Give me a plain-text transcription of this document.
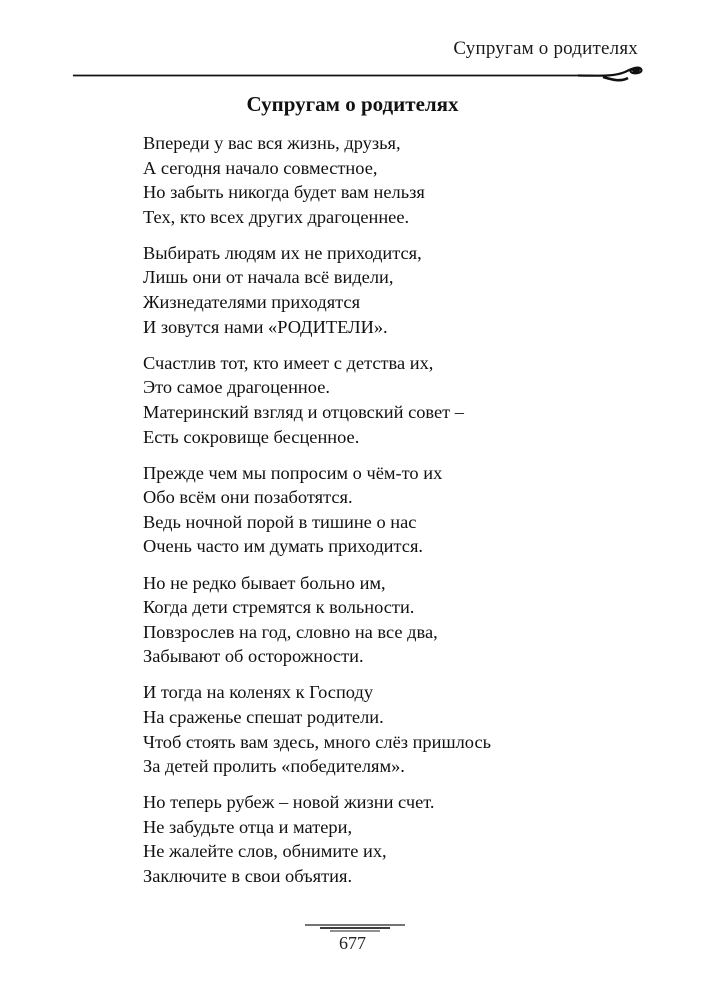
Супругам о родителях
Супругам о родителях
Впереди у вас вся жизнь, друзья,
А сегодня начало совместное,
Но забыть никогда будет вам нельзя
Тех, кто всех других драгоценнее.
Выбирать людям их не приходится,
Лишь они от начала всё видели,
Жизнедателями приходятся
И зовутся нами «РОДИТЕЛИ».
Счастлив тот, кто имеет с детства их,
Это самое драгоценное.
Материнский взгляд и отцовский совет –
Есть сокровище бесценное.
Прежде чем мы попросим о чём-то их
Обо всём они позаботятся.
Ведь ночной порой в тишине о нас
Очень часто им думать приходится.
Но не редко бывает больно им,
Когда дети стремятся к вольности.
Повзрослев на год, словно на все два,
Забывают об осторожности.
И тогда на коленях к Господу
На сраженье спешат родители.
Чтоб стоять вам здесь, много слёз пришлось
За детей пролить «победителям».
Но теперь рубеж – новой жизни счет.
Не забудьте отца и матери,
Не жалейте слов, обнимите их,
Заключите в свои объятия.
677
